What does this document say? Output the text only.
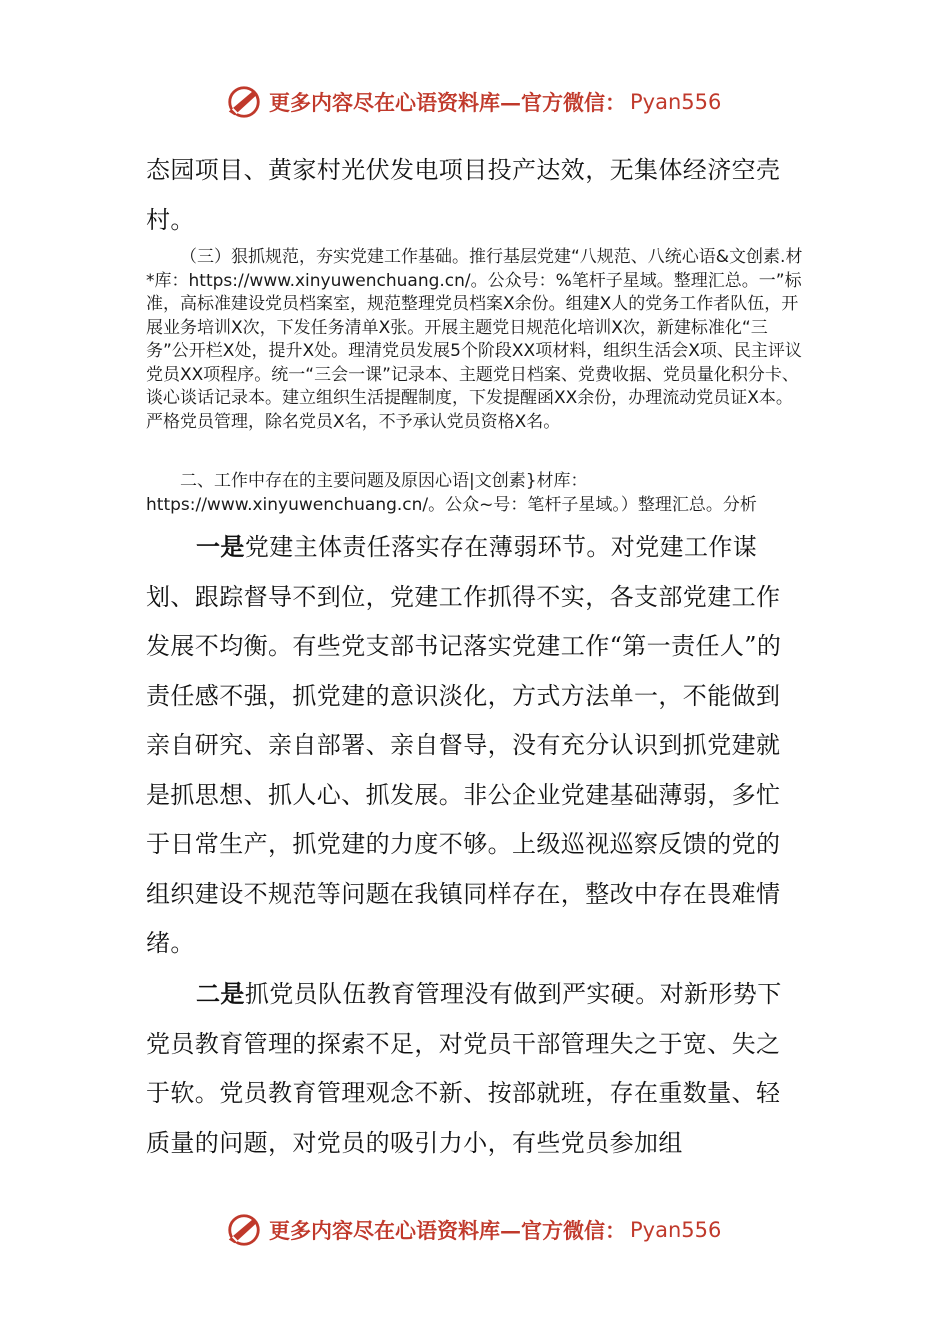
更多内容尽在心语资料库—官方微信： Pyan556

态园项目、黄家村光伏发电项目投产达效，无集体经济空壳村。

（三）狠抓规范，夯实党建工作基础。推行基层党建“八规范、八统心语&文创素.材*库：https://www.xinyuwenchuang.cn/。公众号：%笔杆子星域。整理汇总。一”标准，高标准建设党员档案室，规范整理党员档案X余份。组建X人的党务工作者队伍，开展业务培训X次，下发任务清单X张。开展主题党日规范化培训X次，新建标准化“三务”公开栏X处，提升X处。理清党员发展5个阶段XX项材料，组织生活会X项、民主评议党员XX项程序。统一“三会一课”记录本、主题党日档案、党费收据、党员量化积分卡、谈心谈话记录本。建立组织生活提醒制度，下发提醒函XX余份，办理流动党员证X本。严格党员管理，除名党员X名，不予承认党员资格X名。

二、工作中存在的主要问题及原因心语|文创素}材库：https://www.xinyuwenchuang.cn/。公众~号：笔杆子星域。）整理汇总。分析

一是党建主体责任落实存在薄弱环节。对党建工作谋划、跟踪督导不到位，党建工作抓得不实，各支部党建工作发展不均衡。有些党支部书记落实党建工作“第一责任人”的责任感不强，抓党建的意识淡化，方式方法单一，不能做到亲自研究、亲自部署、亲自督导，没有充分认识到抓党建就是抓思想、抓人心、抓发展。非公企业党建基础薄弱，多忙于日常生产，抓党建的力度不够。上级巡视巡察反馈的党的组织建设不规范等问题在我镇同样存在，整改中存在畏难情绪。

二是抓党员队伍教育管理没有做到严实硬。对新形势下党员教育管理的探索不足，对党员干部管理失之于宽、失之于软。党员教育管理观念不新、按部就班，存在重数量、轻质量的问题，对党员的吸引力小，有些党员参加组

更多内容尽在心语资料库—官方微信： Pyan556
